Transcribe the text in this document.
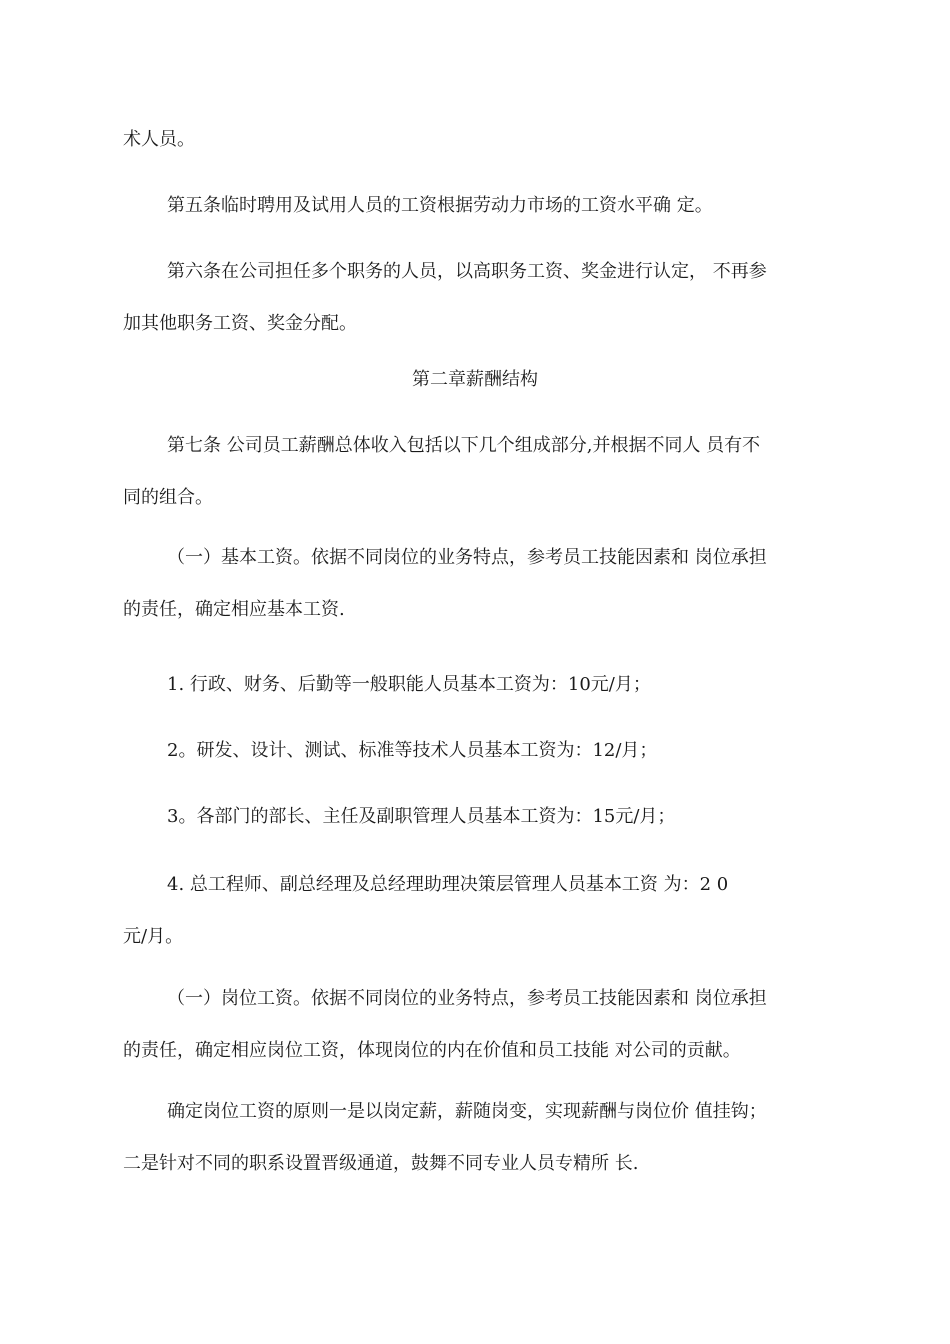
术人员。
第五条临时聘用及试用人员的工资根据劳动力市场的工资水平确 定。
第六条在公司担任多个职务的人员，以高职务工资、奖金进行认定， 不再参
加其他职务工资、奖金分配。
第二章薪酬结构
第七条 公司员工薪酬总体收入包括以下几个组成部分,并根据不同人 员有不
同的组合。
（一）基本工资。依据不同岗位的业务特点，参考员工技能因素和 岗位承担
的责任，确定相应基本工资.
1. 行政、财务、后勤等一般职能人员基本工资为：10元/月；
2。研发、设计、测试、标准等技术人员基本工资为：12/月；
3。各部门的部长、主任及副职管理人员基本工资为：15元/月；
4. 总工程师、副总经理及总经理助理决策层管理人员基本工资 为：2 0
元/月。
（一）岗位工资。依据不同岗位的业务特点，参考员工技能因素和 岗位承担
的责任，确定相应岗位工资，体现岗位的内在价值和员工技能 对公司的贡献。
确定岗位工资的原则一是以岗定薪，薪随岗变，实现薪酬与岗位价 值挂钩；
二是针对不同的职系设置晋级通道，鼓舞不同专业人员专精所 长.
